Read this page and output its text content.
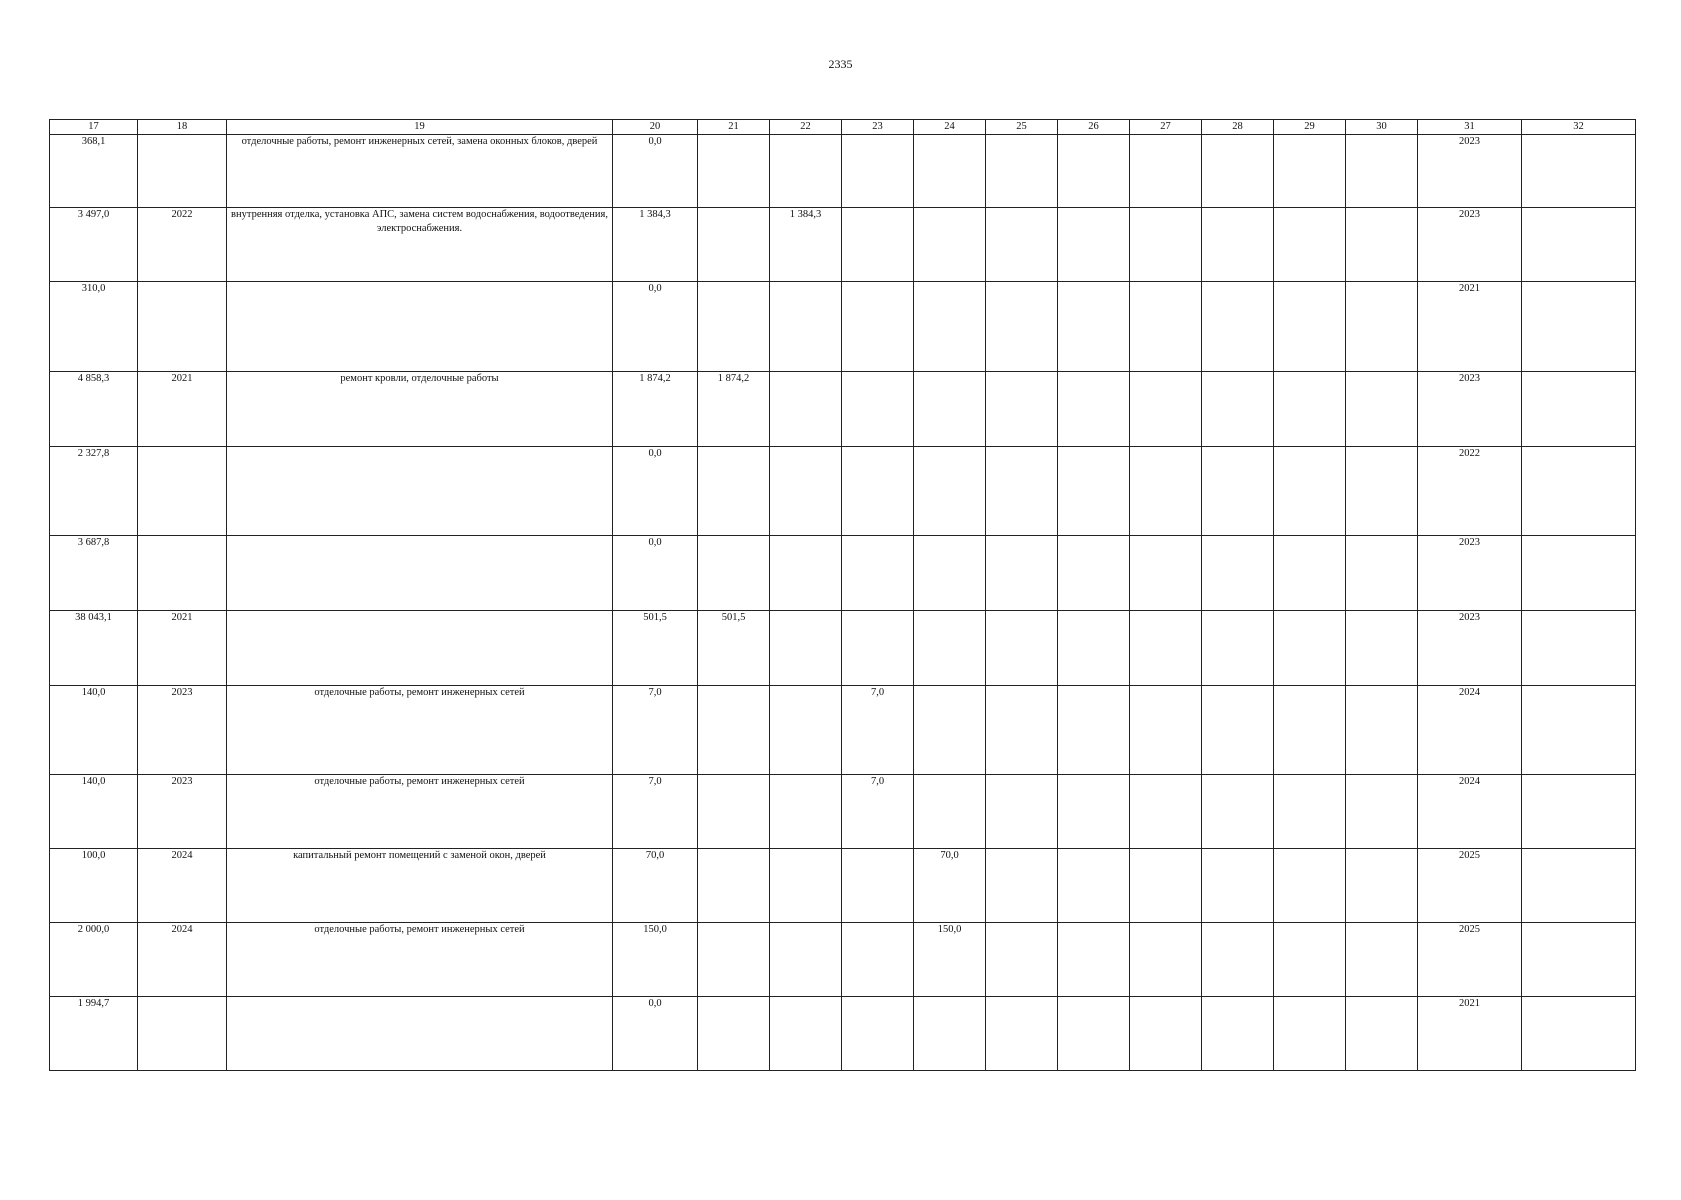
2335
17	18	19	20	21	22	23	24	25	26	27	28	29	30	31	32
368,1		отделочные работы, ремонт инженерных сетей, замена оконных блоков, дверей	0,0											2023	
3 497,0	2022	внутренняя отделка, установка АПС, замена систем водоснабжения, водоотведения, электроснабжения.	1 384,3		1 384,3									2023	
310,0			0,0											2021	
4 858,3	2021	ремонт кровли, отделочные работы	1 874,2	1 874,2										2023	
2 327,8			0,0											2022	
3 687,8			0,0											2023	
38 043,1	2021		501,5	501,5										2023	
140,0	2023	отделочные работы, ремонт инженерных сетей	7,0			7,0								2024	
140,0	2023	отделочные работы, ремонт инженерных сетей	7,0			7,0								2024	
100,0	2024	капитальный ремонт помещений с заменой окон, дверей	70,0				70,0							2025	
2 000,0	2024	отделочные работы, ремонт инженерных сетей	150,0				150,0							2025	
1 994,7			0,0											2021	
